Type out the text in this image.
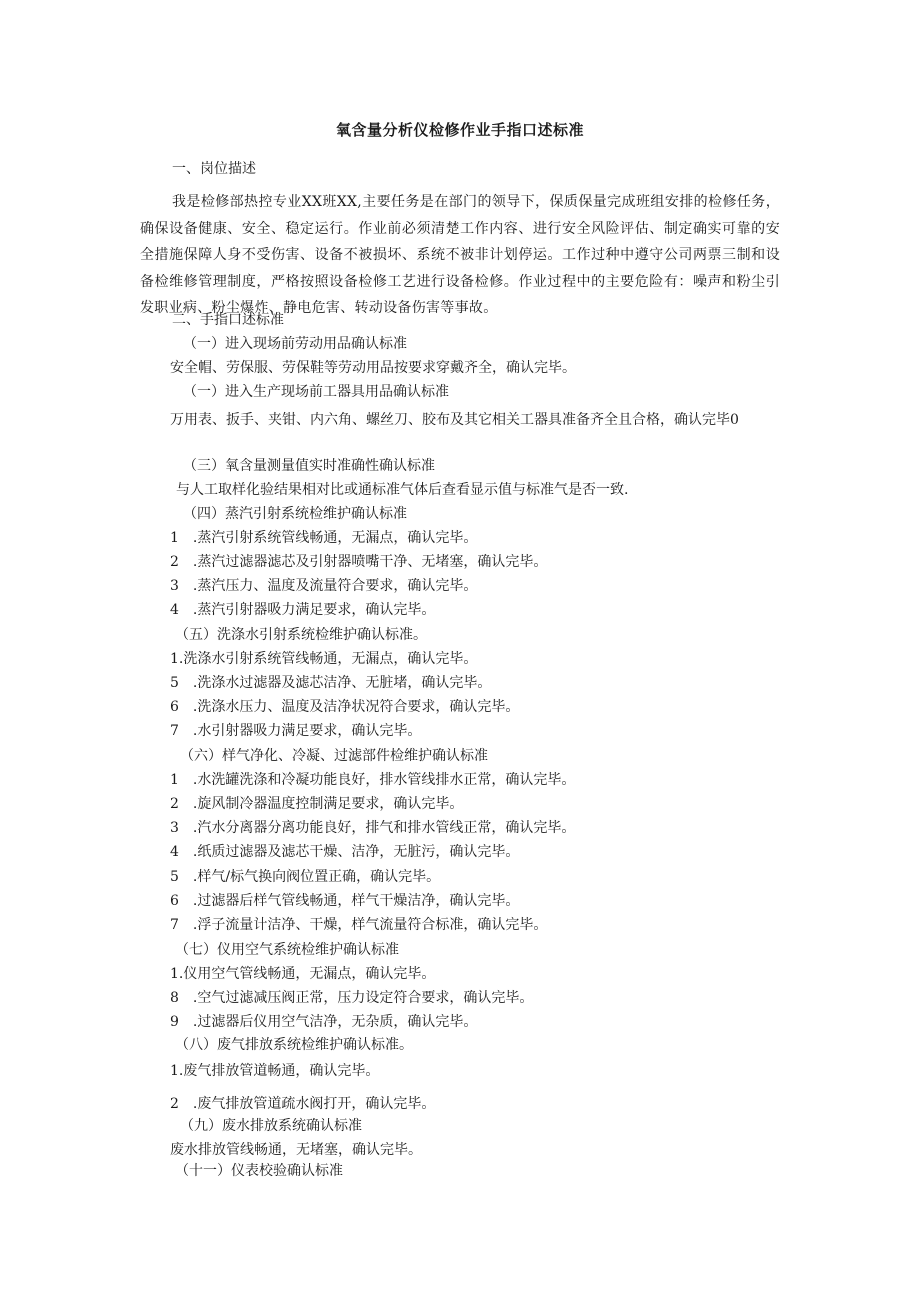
氧含量分析仪检修作业手指口述标准
一、岗位描述
我是检修部热控专业XX班XX,主要任务是在部门的领导下，保质保量完成班组安排的检修任务，确保设备健康、安全、稳定运行。作业前必须清楚工作内容、进行安全风险评估、制定确实可靠的安全措施保障人身不受伤害、设备不被损坏、系统不被非计划停运。工作过种中遵守公司两票三制和设备检维修管理制度，严格按照设备检修工艺进行设备检修。作业过程中的主要危险有：噪声和粉尘引发职业病、粉尘爆炸、静电危害、转动设备伤害等事故。
二、手指口述标准
（一）进入现场前劳动用品确认标准
安全帽、劳保服、劳保鞋等劳动用品按要求穿戴齐全，确认完毕。
（一）进入生产现场前工器具用品确认标准
万用表、扳手、夹钳、内六角、螺丝刀、胶布及其它相关工器具准备齐全且合格，确认完毕0
（三）氧含量测量值实时准确性确认标准
与人工取样化验结果相对比或通标准气体后查看显示值与标准气是否一致.
（四）蒸汽引射系统检维护确认标准
1　.蒸汽引射系统管线畅通，无漏点，确认完毕。
2　.蒸汽过滤器滤芯及引射器喷嘴干净、无堵塞，确认完毕。
3　.蒸汽压力、温度及流量符合要求，确认完毕。
4　.蒸汽引射器吸力满足要求，确认完毕。
（五）洗涤水引射系统检维护确认标准。
1.洗涤水引射系统管线畅通，无漏点，确认完毕。
5　.洗涤水过滤器及滤芯洁净、无脏堵，确认完毕。
6　.洗涤水压力、温度及洁净状况符合要求，确认完毕。
7　.水引射器吸力满足要求，确认完毕。
（六）样气净化、冷凝、过滤部件检维护确认标准
1　.水洗罐洗涤和冷凝功能良好，排水管线排水正常，确认完毕。
2　.旋风制冷器温度控制满足要求，确认完毕。
3　.汽水分离器分离功能良好，排气和排水管线正常，确认完毕。
4　.纸质过滤器及滤芯干燥、洁净，无脏污，确认完毕。
5　.样气/标气换向阀位置正确，确认完毕。
6　.过滤器后样气管线畅通，样气干燥洁净，确认完毕。
7　.浮子流量计洁净、干燥，样气流量符合标准，确认完毕。
（七）仪用空气系统检维护确认标准
1.仪用空气管线畅通，无漏点，确认完毕。
8　.空气过滤减压阀正常，压力设定符合要求，确认完毕。
9　.过滤器后仪用空气洁净，无杂质，确认完毕。
（八）废气排放系统检维护确认标准。
1.废气排放管道畅通，确认完毕。
2　.废气排放管道疏水阀打开，确认完毕。
（九）废水排放系统确认标准
废水排放管线畅通，无堵塞，确认完毕。
（十一）仪表校验确认标准
